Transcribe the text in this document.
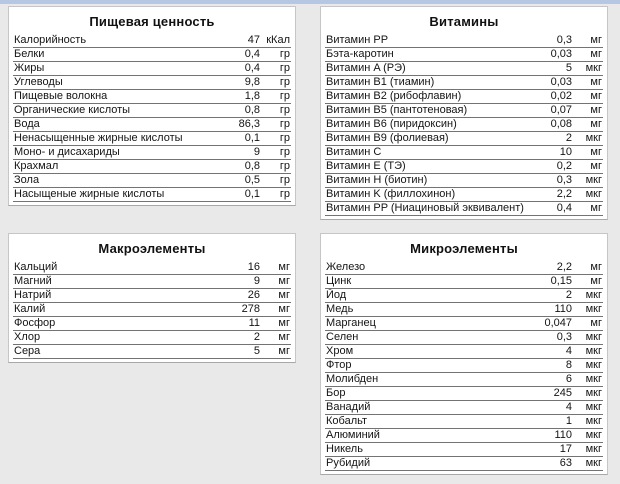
Пищевая ценность
Калорийность	47 кКал
Белки	0,4	гр
Жиры	0,4	гр
Углеводы	9,8	гр
Пищевые волокна	1,8	гр
Органические кислоты	0,8	гр
Вода	86,3	гр
Ненасыщенные жирные кислоты	0,1	гр
Моно- и дисахариды	9	гр
Крахмал	0,8	гр
Зола	0,5	гр
Насыщеные жирные кислоты	0,1	гр
Витамины
Витамин PP	0,3	мг
Бэта-каротин	0,03	мг
Витамин A (РЭ)	5	мкг
Витамин B1 (тиамин)	0,03	мг
Витамин B2 (рибофлавин)	0,02	мг
Витамин B5 (пантотеновая)	0,07	мг
Витамин B6 (пиридоксин)	0,08	мг
Витамин B9 (фолиевая)	2	мкг
Витамин C	10	мг
Витамин E (ТЭ)	0,2	мг
Витамин H (биотин)	0,3	мкг
Витамин K (филлохинон)	2,2	мкг
Витамин PP (Ниациновый эквивалент)	0,4	мг
Макроэлементы
Кальций	16	мг
Магний	9	мг
Натрий	26	мг
Калий	278	мг
Фосфор	11	мг
Хлор	2	мг
Сера	5	мг
Микроэлементы
Железо	2,2	мг
Цинк	0,15	мг
Йод	2	мкг
Медь	110	мкг
Марганец	0,047	мг
Селен	0,3	мкг
Хром	4	мкг
Фтор	8	мкг
Молибден	6	мкг
Бор	245	мкг
Ванадий	4	мкг
Кобальт	1	мкг
Алюминий	110	мкг
Никель	17	мкг
Рубидий	63	мкг
